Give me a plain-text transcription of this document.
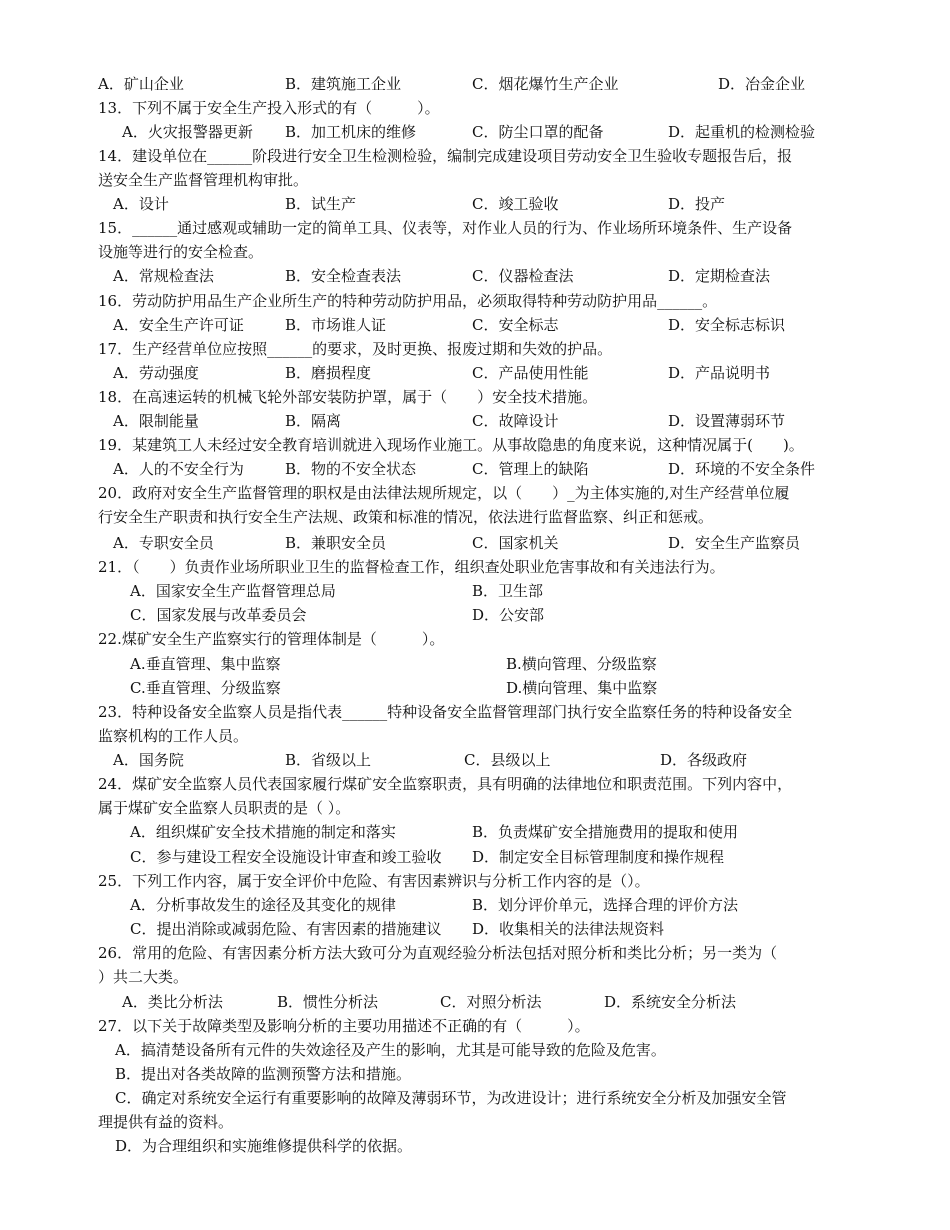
A．矿山企业	B．建筑施工企业	C．烟花爆竹生产企业	D．冶金企业
13．下列不属于安全生产投入形式的有（　　　）。
A．火灾报警器更新 B．加工机床的维修	C．防尘口罩的配备	D．起重机的检测检验
14．建设单位在______阶段进行安全卫生检测检验，编制完成建设项目劳动安全卫生验收专题报告后，报
送安全生产监督管理机构审批。
A．设计	B．试生产	C．竣工验收	D．投产
15．______通过感观或辅助一定的简单工具、仪表等，对作业人员的行为、作业场所环境条件、生产设备
设施等进行的安全检查。
A．常规检查法	B．安全检查表法	C．仪器检查法	D．定期检查法
16．劳动防护用品生产企业所生产的特种劳动防护用品，必须取得特种劳动防护用品______。
A．安全生产许可证	B．市场谁人证	C．安全标志	D．安全标志标识
17．生产经营单位应按照______的要求，及时更换、报废过期和失效的护品。
A．劳动强度	B．磨损程度	C．产品使用性能	D．产品说明书
18．在高速运转的机械飞轮外部安装防护罩，属于（　　）安全技术措施。
A．限制能量	B．隔离	C．故障设计	D．设置薄弱环节
19．某建筑工人未经过安全教育培训就进入现场作业施工。从事故隐患的角度来说，这种情况属于(　　)。
A．人的不安全行为	B．物的不安全状态	C．管理上的缺陷	D．环境的不安全条件
20．政府对安全生产监督管理的职权是由法律法规所规定，以（　　）_为主体实施的,对生产经营单位履
行安全生产职责和执行安全生产法规、政策和标准的情况，依法进行监督监察、纠正和惩戒。
A．专职安全员	B．兼职安全员	C．国家机关	D．安全生产监察员
21．（　　）负责作业场所职业卫生的监督检查工作，组织查处职业危害事故和有关违法行为。
A．国家安全生产监督管理总局	B．卫生部
C．国家发展与改革委员会	D．公安部
22.煤矿安全生产监察实行的管理体制是（　　　）。
A.垂直管理、集中监察	B.横向管理、分级监察
C.垂直管理、分级监察	D.横向管理、集中监察
23．特种设备安全监察人员是指代表______特种设备安全监督管理部门执行安全监察任务的特种设备安全
监察机构的工作人员。
A．国务院	B．省级以上	C．县级以上	D．各级政府
24．煤矿安全监察人员代表国家履行煤矿安全监察职责，具有明确的法律地位和职责范围。下列内容中，
属于煤矿安全监察人员职责的是（ ）。
A．组织煤矿安全技术措施的制定和落实	B．负责煤矿安全措施费用的提取和使用
C．参与建设工程安全设施设计审查和竣工验收 D．制定安全目标管理制度和操作规程
25．下列工作内容，属于安全评价中危险、有害因素辨识与分析工作内容的是（）。
A．分析事故发生的途径及其变化的规律	B．划分评价单元，选择合理的评价方法
C．提出消除或减弱危险、有害因素的措施建议 D．收集相关的法律法规资料
26．常用的危险、有害因素分析方法大致可分为直观经验分析法包括对照分析和类比分析；另一类为（
）共二大类。
A．类比分析法	B．惯性分析法	C．对照分析法	D．系统安全分析法
27．以下关于故障类型及影响分析的主要功用描述不正确的有（　　　）。
A．搞清楚设备所有元件的失效途径及产生的影响，尤其是可能导致的危险及危害。
B．提出对各类故障的监测预警方法和措施。
C．确定对系统安全运行有重要影响的故障及薄弱环节，为改进设计；进行系统安全分析及加强安全管
理提供有益的资料。
D．为合理组织和实施维修提供科学的依据。
